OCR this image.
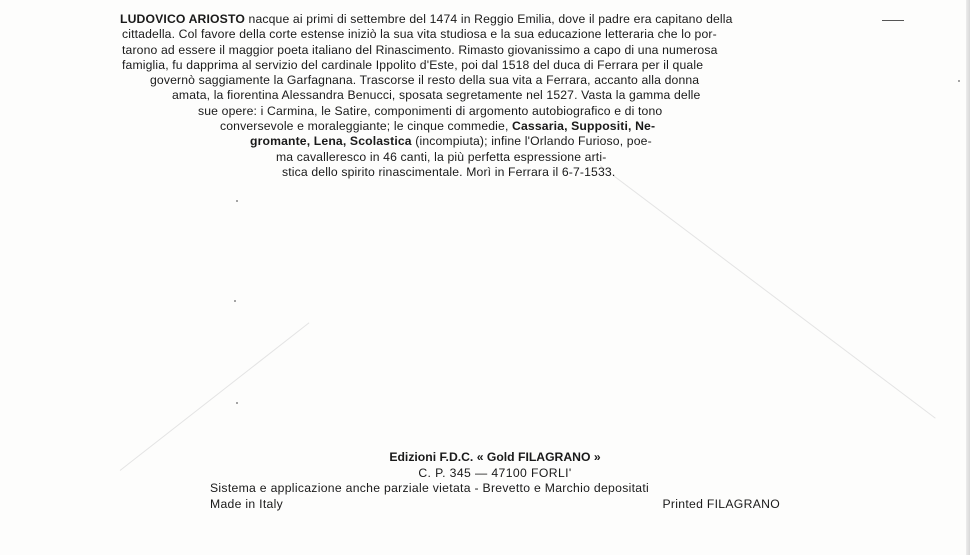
LUDOVICO ARIOSTO nacque ai primi di settembre del 1474 in Reggio Emilia, dove il padre era capitano della
cittadella. Col favore della corte estense iniziò la sua vita studiosa e la sua educazione letteraria che lo por-
tarono ad essere il maggior poeta italiano del Rinascimento. Rimasto giovanissimo a capo di una numerosa
famiglia, fu dapprima al servizio del cardinale Ippolito d'Este, poi dal 1518 del duca di Ferrara per il quale
governò saggiamente la Garfagnana. Trascorse il resto della sua vita a Ferrara, accanto alla donna
amata, la fiorentina Alessandra Benucci, sposata segretamente nel 1527. Vasta la gamma delle
sue opere: i Carmina, le Satire, componimenti di argomento autobiografico e di tono
conversevole e moraleggiante; le cinque commedie, Cassaria, Suppositi, Ne-
gromante, Lena, Scolastica (incompiuta); infine l'Orlando Furioso, poe-
ma cavalleresco in 46 canti, la più perfetta espressione arti-
stica dello spirito rinascimentale. Morì in Ferrara il 6-7-1533.
Edizioni F.D.C. « Gold FILAGRANO »
C. P. 345 — 47100 FORLI'
Sistema e applicazione anche parziale vietata - Brevetto e Marchio depositati
Made in Italy	Printed FILAGRANO
